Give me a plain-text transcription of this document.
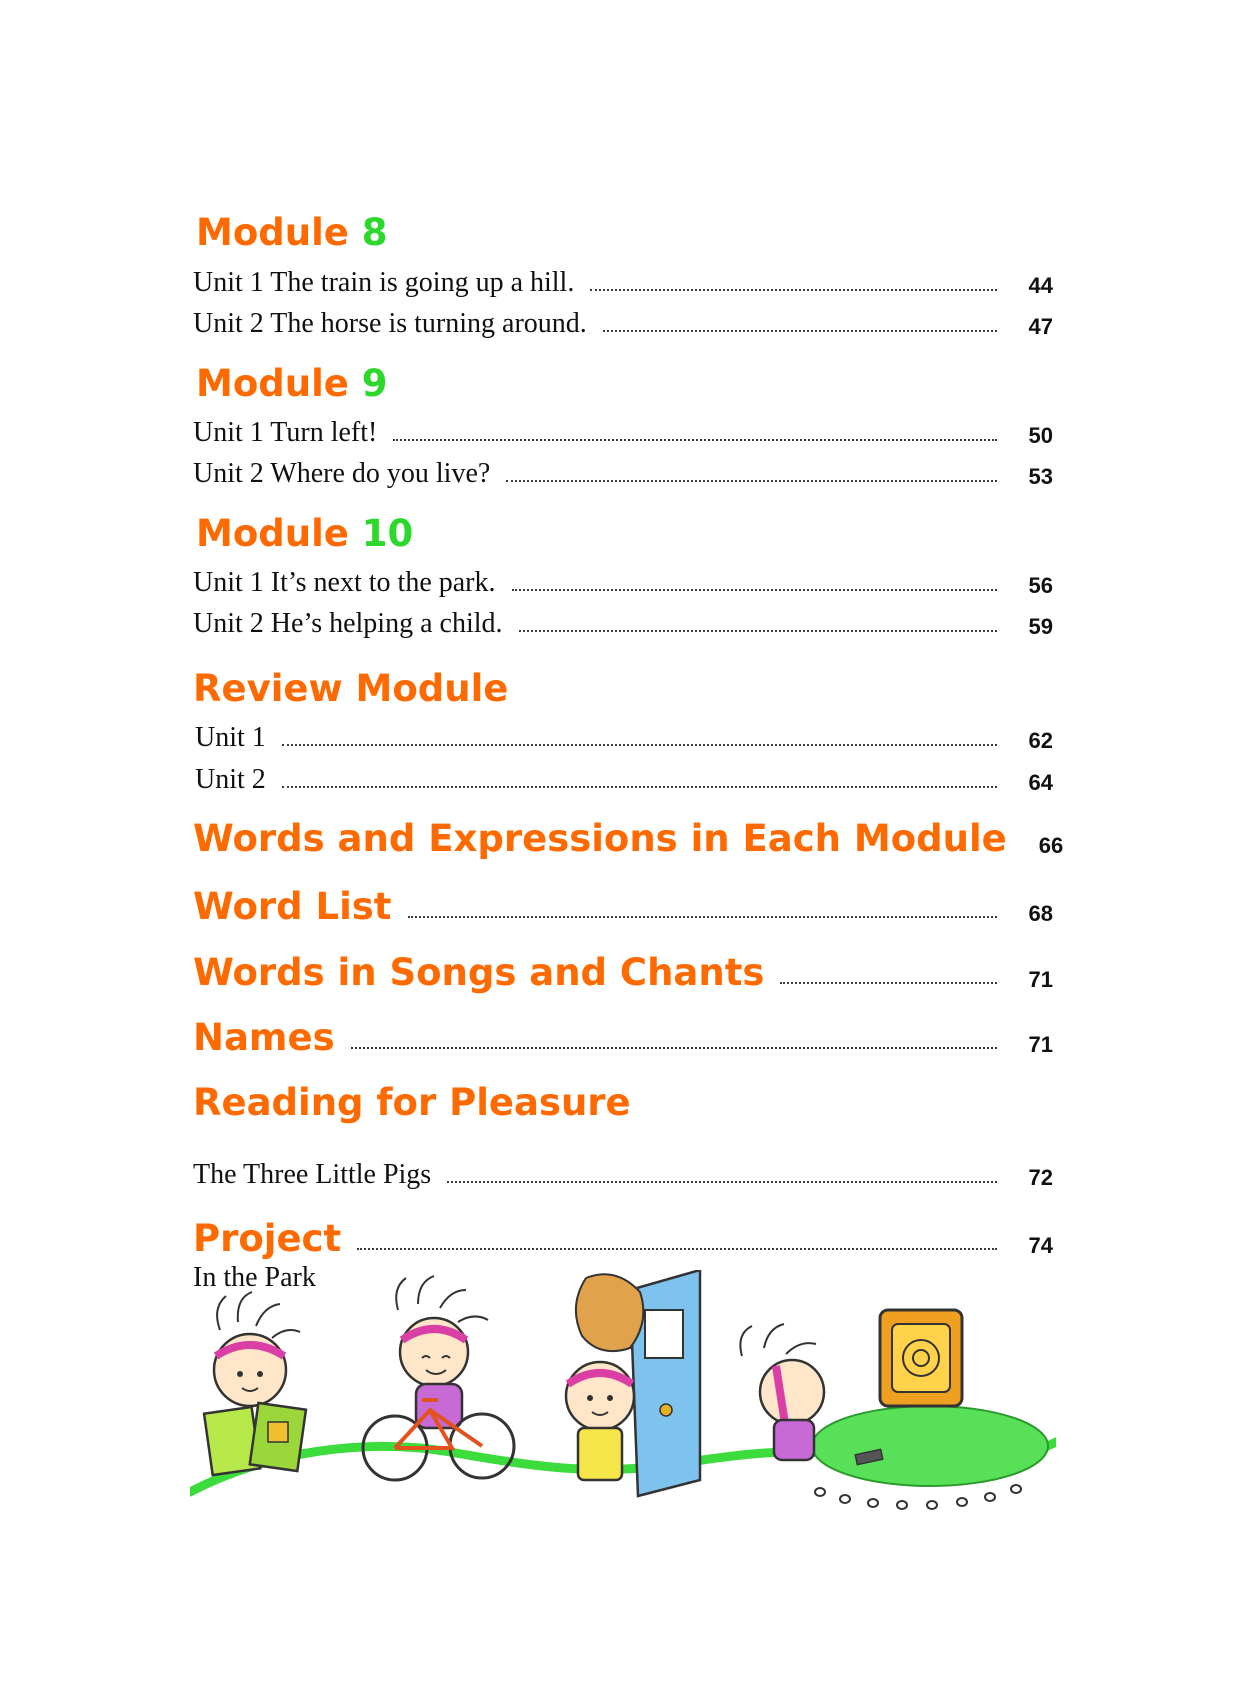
Module 8
Unit 1 The train is going up a hill.	44
Unit 2 The horse is turning around.	47
Module 9
Unit 1 Turn left!	50
Unit 2 Where do you live?	53
Module 10
Unit 1 It’s next to the park.	56
Unit 2 He’s helping a child.	59
Review Module
Unit 1	62
Unit 2	64
Words and Expressions in Each Module 66
Word List	68
Words in Songs and Chants	71
Names	71
Reading for Pleasure
The Three Little Pigs	72
Project	74
In the Park
